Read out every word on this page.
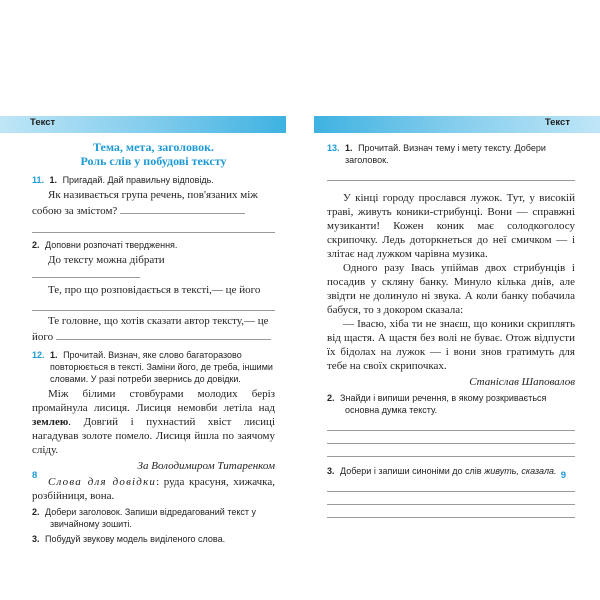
Текст
Тема, мета, заголовок.
Роль слів у побудові тексту
11. 1. Пригадай. Дай правильну відповідь.
Як називається група речень, пов'язаних між
собою за змістом?
2. Доповни розпочаті твердження.
До тексту можна дібрати
Те, про що розповідається в тексті,— це його
Те головне, що хотів сказати автор тексту,— це
його
12. 1. Прочитай. Визнач, яке слово багаторазово повторюється в тексті. Заміни його, де треба, іншими словами. У разі потреби звернись до довідки.

Між білими стовбурами молодих беріз промайнула лисиця. Лисиця немовби летіла над землею. Довгий і пухнастий хвіст лисиці нагадував золоте помело. Лисиця йшла по заячому сліду.

За Володимиром Титаренком

Слова для довідки: руда красуня, хижачка, розбійниця, вона.

2. Добери заголовок. Запиши відредагований текст у звичайному зошиті.
3. Побудуй звукову модель виділеного слова.
8
Текст
13. 1. Прочитай. Визнач тему і мету тексту. Добери заголовок.

У кінці городу прослався лужок. Тут, у високій траві, живуть коники-стрибунці. Вони — справжні музиканти! Кожен коник має солодкоголосу скрипочку. Ледь доторкнеться до неї смичком — і злітає над лужком чарівна музика.

Одного разу Івась упіймав двох стрибунців і посадив у скляну банку. Минуло кілька днів, але звідти не долинуло ні звука. А коли банку побачила бабуся, то з докором сказала:

— Івасю, хіба ти не знаєш, що коники скриплять від щастя. А щастя без волі не буває. Отож відпусти їх бідолах на лужок — і вони знов гратимуть для тебе на своїх скрипочках.

Станіслав Шаповалов
2. Знайди і випиши речення, в якому розкривається основна думка тексту.
3. Добери і запиши синоніми до слів живуть, сказала. 9
